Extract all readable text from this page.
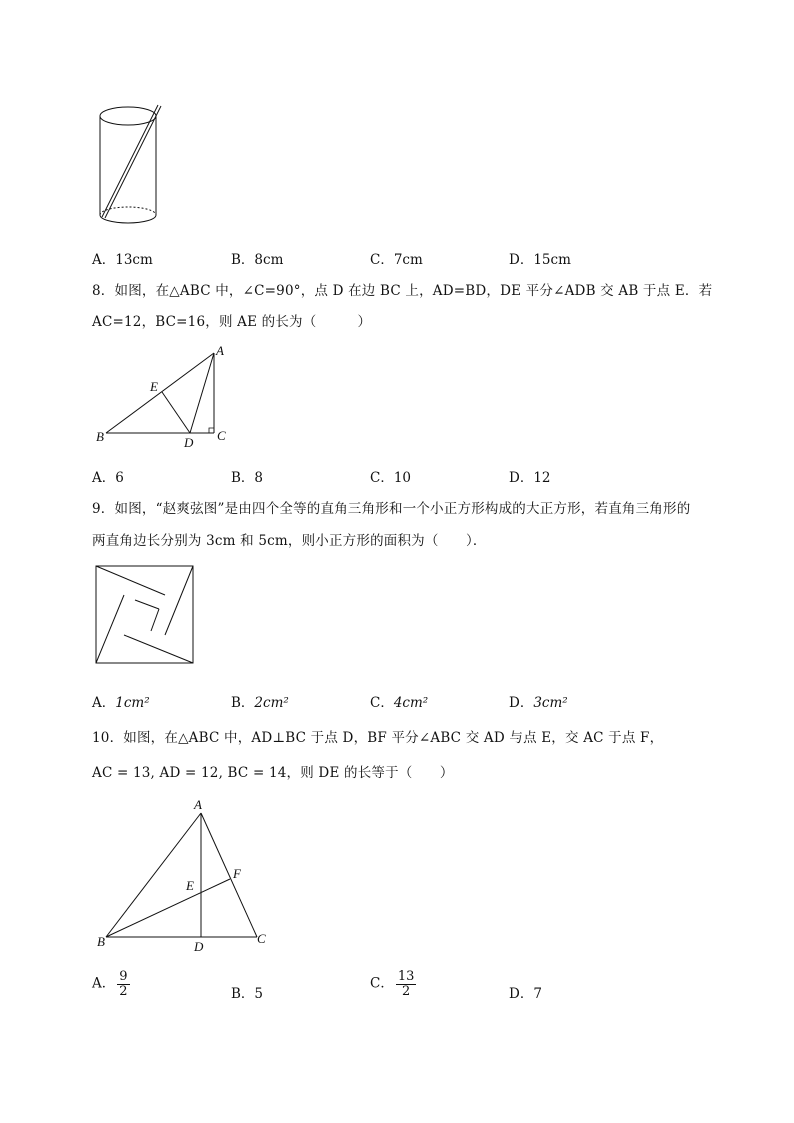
A．13cm	B．8cm	C．7cm	D．15cm
8．如图，在△ABC 中，∠C=90°，点 D 在边 BC 上，AD=BD，DE 平分∠ADB 交 AB 于点 E．若
AC=12，BC=16，则 AE 的长为（　　　）
A
E
B	D C
A．6	B．8	C．10	D．12
9．如图，“赵爽弦图”是由四个全等的直角三角形和一个小正方形构成的大正方形，若直角三角形的
两直角边长分别为 3cm 和 5cm，则小正方形的面积为（　　）．
A．1cm²	B．2cm²	C．4cm²	D．3cm²
10．如图，在△ABC 中，AD⊥BC 于点 D，BF 平分∠ABC 交 AD 与点 E，交 AC 于点 F，
AC = 13, AD = 12, BC = 14，则 DE 的长等于（　　）
A
E
F
B	D
C
A． $\frac{9}{2}$	B．5
C． $\frac{13}{2}$	D．7
